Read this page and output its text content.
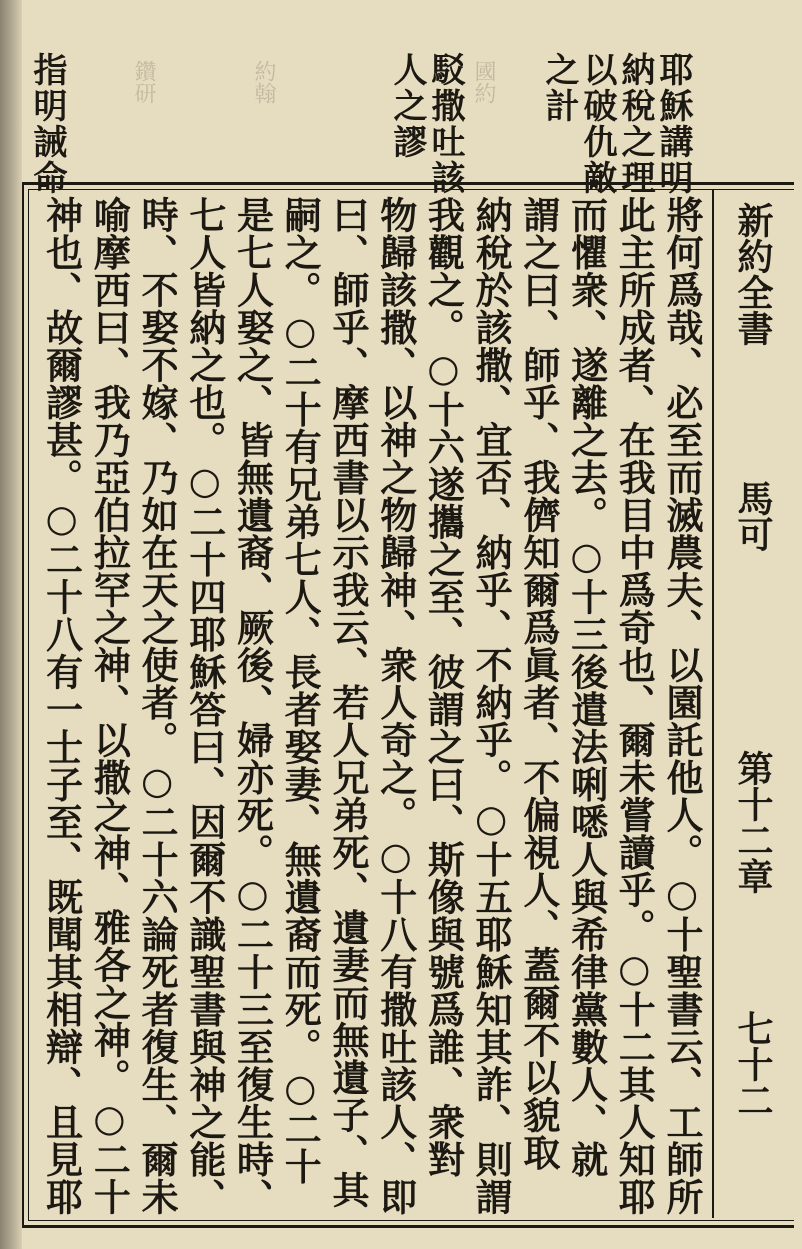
鑽研	約翰	國約	耶穌講明
納稅之理
以破仇敵
之計
駁撒吐該
人之謬
指明誡命
新約全書
馬可
第十二章
七十二
將何爲哉、必至而滅農夫、以園託他人。○十聖書云、工師所
此主所成者、在我目中爲奇也、爾未嘗讀乎。○十二其人知耶
而懼衆、遂離之去。○十三後遣法唎㗭人與希律黨數人、就
謂之曰、師乎、我儕知爾爲眞者、不偏視人、蓋爾不以貌取
納稅於該撒、宜否、納乎、不納乎。○十五耶穌知其詐、則謂
我觀之。○十六遂攜之至、彼謂之曰、斯像與號爲誰、衆對
物歸該撒、以神之物歸神、衆人奇之。○十八有撒吐該人、即
曰、師乎、摩西書以示我云、若人兄弟死、遺妻而無遺子、其
嗣之。○二十有兄弟七人、長者娶妻、無遺裔而死。○二十
是七人娶之、皆無遺裔、厥後、婦亦死。○二十三至復生時、
七人皆納之也。○二十四耶穌答曰、因爾不識聖書與神之能、
時、不娶不嫁、乃如在天之使者。○二十六論死者復生、爾未
喻摩西曰、我乃亞伯拉罕之神、以撒之神、雅各之神。○二十
神也、故爾謬甚。○二十八有一士子至、既聞其相辯、且見耶
